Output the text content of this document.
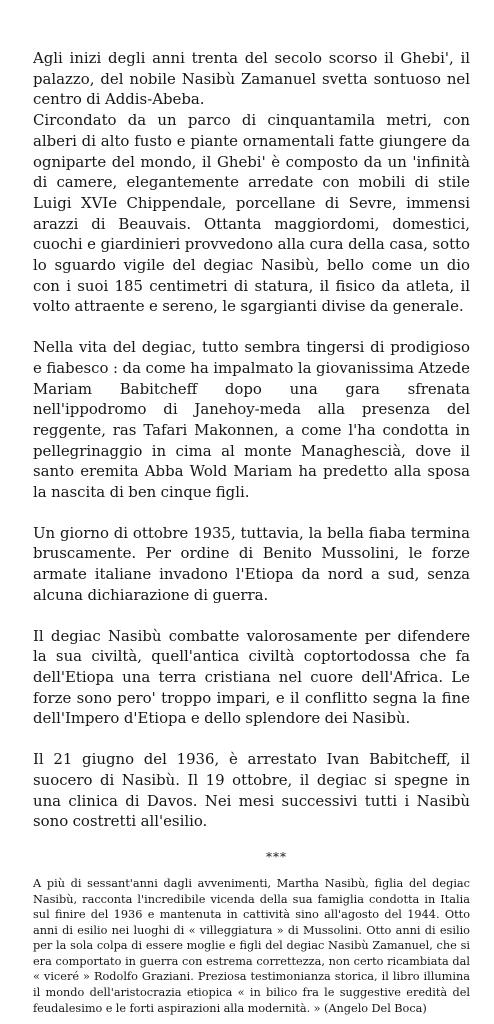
Agli inizi degli anni trenta del secolo scorso il Ghebi', il palazzo, del nobile Nasibù Zamanuel svetta sontuoso nel centro di Addis-Abeba.

Circondato da un parco di cinquantamila metri, con alberi di alto fusto e piante ornamentali fatte giungere da ogniparte del mondo, il Ghebi' è composto da un 'infinità di camere, elegantemente arredate con mobili di stile Luigi XVIe Chippendale, porcellane di Sevre, immensi arazzi di Beauvais. Ottanta maggiordomi, domestici, cuochi e giardinieri provvedono alla cura della casa, sotto lo sguardo vigile del degiac Nasibù, bello come un dio con i suoi 185 centimetri di statura, il fisico da atleta, il volto attraente e sereno, le sgargianti divise da generale.

Nella vita del degiac, tutto sembra tingersi di prodigioso e fiabesco : da come ha impalmato la giovanissima Atzede Mariam Babitcheff dopo una gara sfrenata nell'ippodromo di Janehoy-meda alla presenza del reggente, ras Tafari Makonnen, a come l'ha condotta in pellegrinaggio in cima al monte Managhescià, dove il santo eremita Abba Wold Mariam ha predetto alla sposa la nascita di ben cinque figli.

Un giorno di ottobre 1935, tuttavia, la bella fiaba termina bruscamente. Per ordine di Benito Mussolini, le forze armate italiane invadono l'Etiopa da nord a sud, senza alcuna dichiarazione di guerra.

Il degiac Nasibù combatte valorosamente per difendere la sua civiltà, quell'antica civiltà coptortodossa che fa dell'Etiopa una terra cristiana nel cuore dell'Africa. Le forze sono pero' troppo impari, e il conflitto segna la fine dell'Impero d'Etiopa e dello splendore dei Nasibù.

Il 21 giugno del 1936, è arrestato Ivan Babitcheff, il suocero di Nasibù. Il 19 ottobre, il degiac si spegne in una clinica di Davos. Nei mesi successivi tutti i Nasibù sono costretti all'esilio.

***

A più di sessant'anni dagli avvenimenti, Martha Nasibù, figlia del degiac Nasibù, racconta l'incredibile vicenda della sua famiglia condotta in Italia sul finire del 1936 e mantenuta in cattività sino all'agosto del 1944. Otto anni di esilio nei luoghi di « villeggiatura » di Mussolini. Otto anni di esilio per la sola colpa di essere moglie e figli del degiac Nasibù Zamanuel, che si era comportato in guerra con estrema correttezza, non certo ricambiata dal « viceré » Rodolfo Graziani. Preziosa testimonianza storica, il libro illumina il mondo dell'aristocrazia etiopica « in bilico fra le suggestive eredità del feudalesimo e le forti aspirazioni alla modernità. » (Angelo Del Boca)
